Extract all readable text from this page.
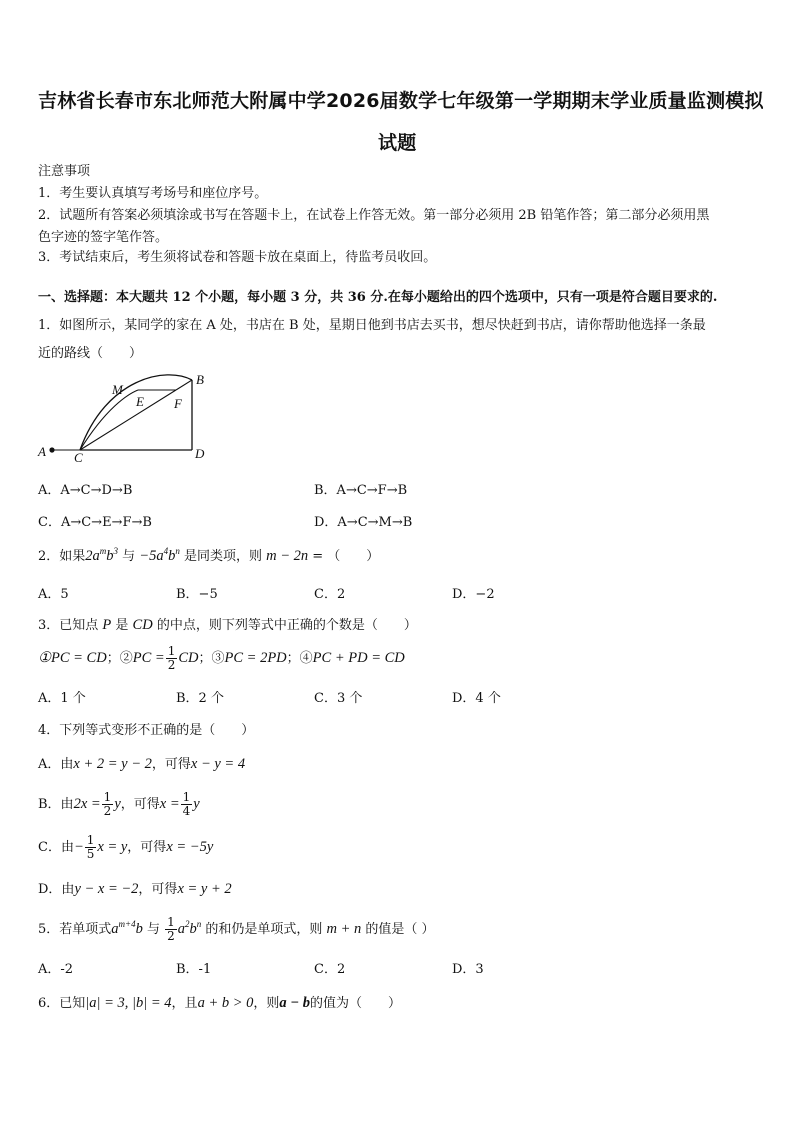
吉林省长春市东北师范大附属中学2026届数学七年级第一学期期末学业质量监测模拟
试题
注意事项
1．考生要认真填写考场号和座位序号。
2．试题所有答案必须填涂或书写在答题卡上，在试卷上作答无效。第一部分必须用 2B 铅笔作答；第二部分必须用黑
色字迹的签字笔作答。
3．考试结束后，考生须将试卷和答题卡放在桌面上，待监考员收回。
一、选择题：本大题共 12 个小题，每小题 3 分，共 36 分.在每小题给出的四个选项中，只有一项是符合题目要求的.
1．如图所示，某同学的家在 A 处，书店在 B 处，星期日他到书店去买书，想尽快赶到书店，请你帮助他选择一条最
近的路线（　　）
A C	D
B
M
E F
A．A→C→D→B	B．A→C→F→B
C．A→C→E→F→B	D．A→C→M→B
2．如果$2a^mb^3$ 与 $-5a^4b^n$ 是同类项，则 m − 2n = （　　）
A．5	B．−5	C．2	D．−2
3．已知点 P 是 CD 的中点，则下列等式中正确的个数是（　　）
①PC = CD；②PC = $\frac{1}{2}$ CD；③PC = 2PD；④PC + PD = CD
A．1 个	B．2 个	C．3 个	D．4 个
4．下列等式变形不正确的是（　　）
A．由x + 2 = y − 2，可得x − y = 4
B．由$2x = \frac{1}{2}$ y，可得$x = \frac{1}{4}$ y
C．由− $\frac{1}{5}$ x = y，可得x = −5y
D．由y − x = −2，可得x = y + 2
5．若单项式$a^{m+4}b$ 与 $\frac{1}{2} a^2b^n$ 的和仍是单项式，则 m + n 的值是（ ）
A．-2	B．-1	C．2	D．3
6．已知|a| = 3, |b| = 4，且a + b > 0，则a − b的值为（　　）
